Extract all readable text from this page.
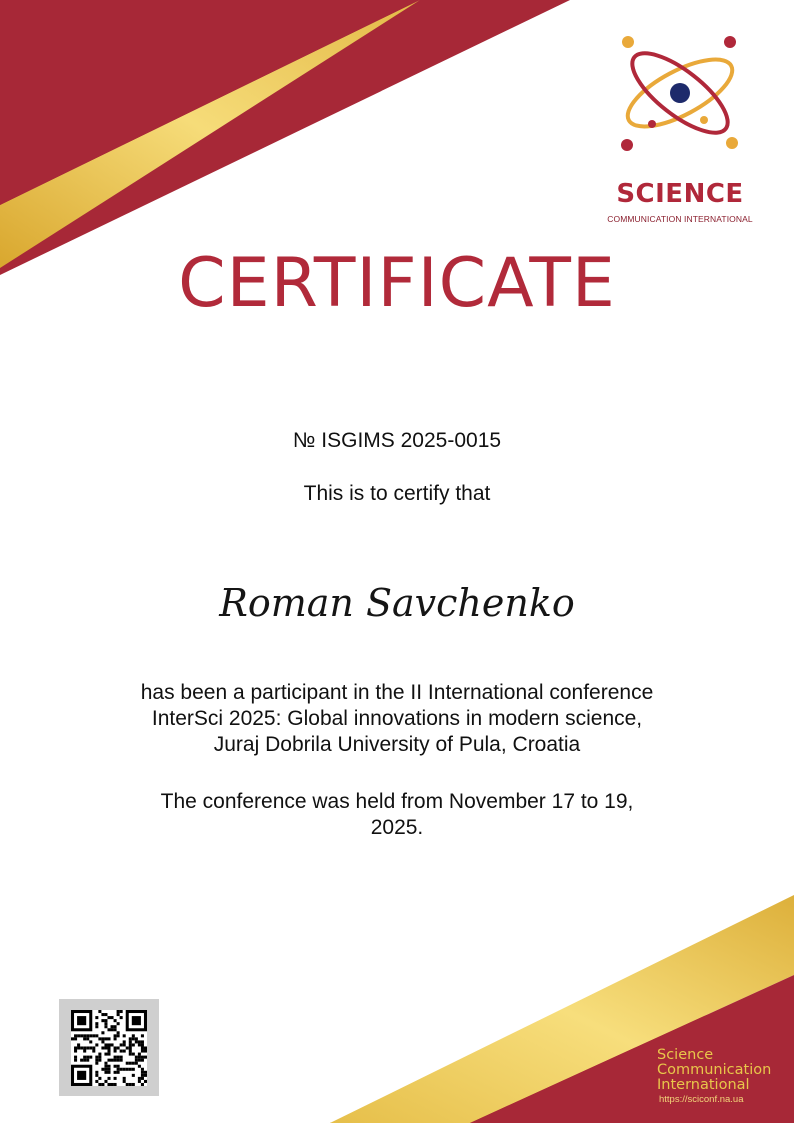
SCIENCE
COMMUNICATION INTERNATIONAL
CERTIFICATE
№ ISGIMS 2025-0015
This is to certify that
Roman Savchenko
has been a participant in the II International conference
InterSci 2025: Global innovations in modern science,
Juraj Dobrila University of Pula, Croatia
The conference was held from November 17 to 19,
2025.
Science
Communication
International
https://sciconf.na.ua
